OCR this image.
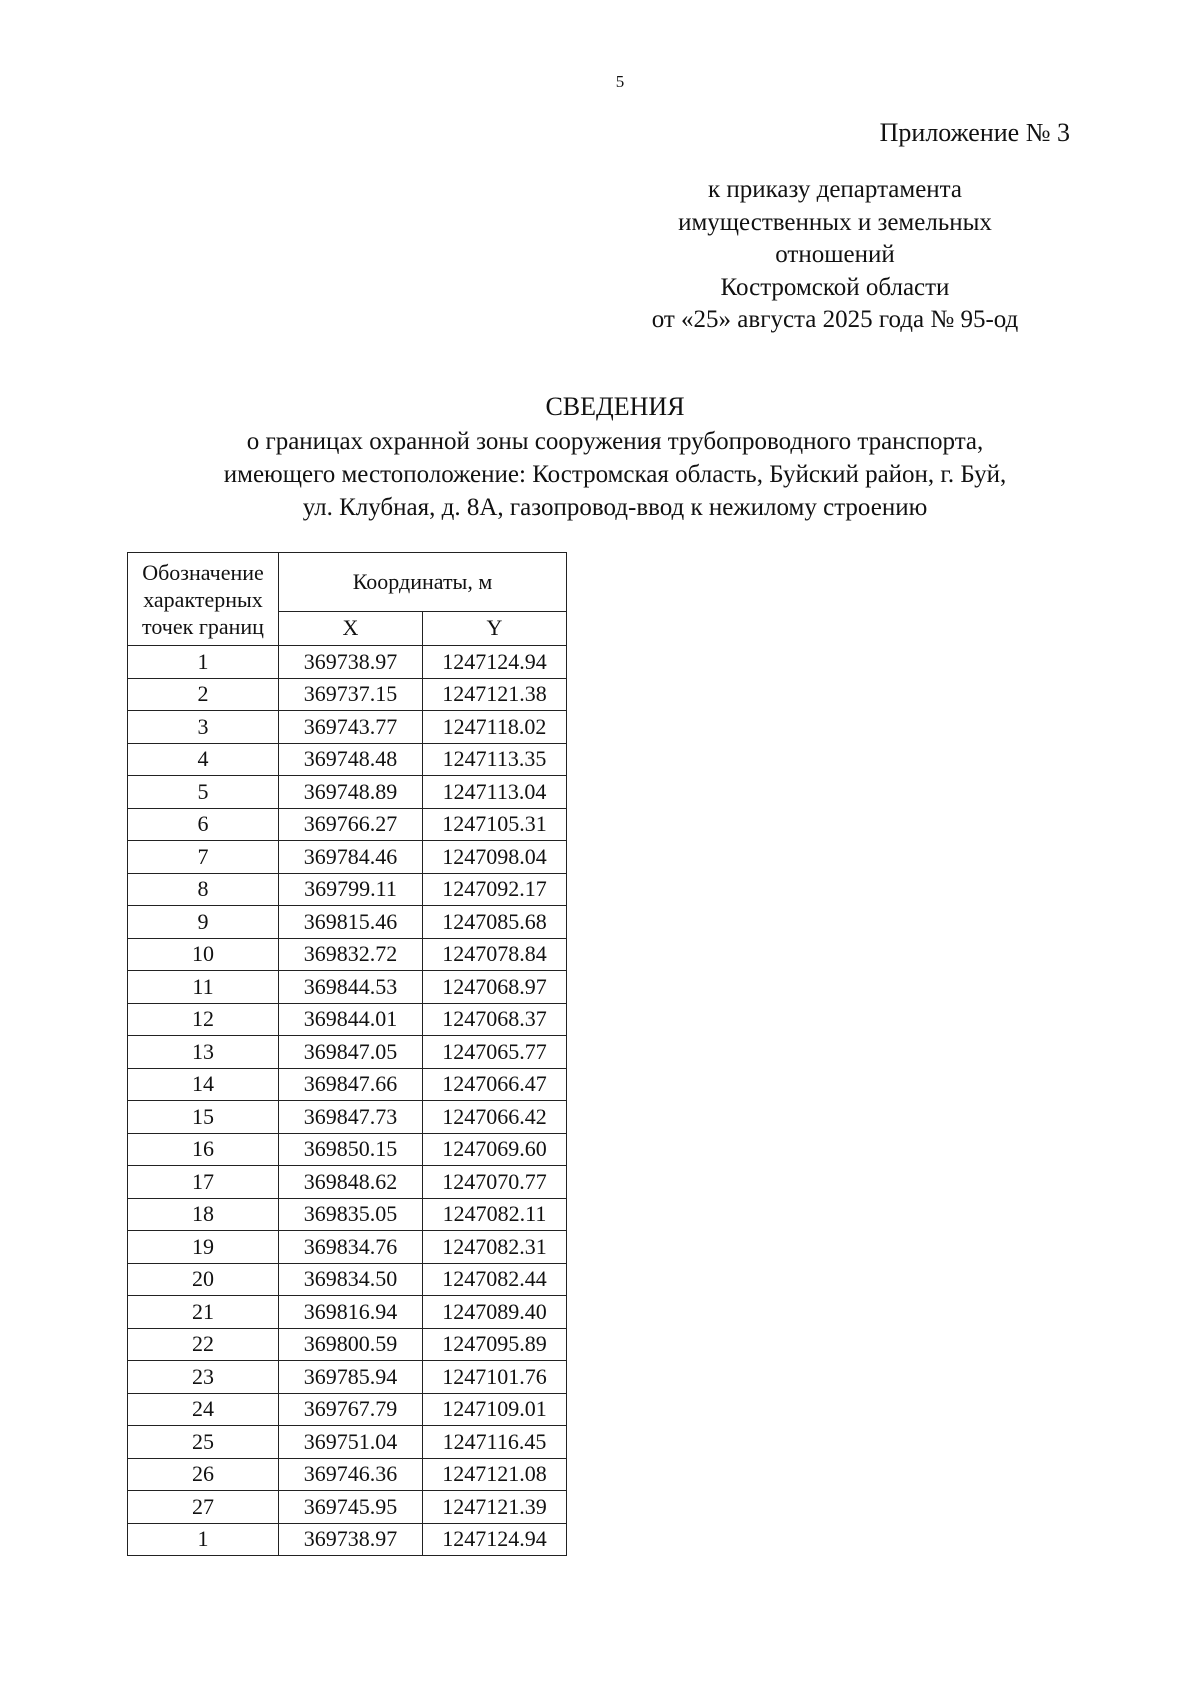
5
Приложение № 3
к приказу департамента
имущественных и земельных
отношений
Костромской области
от «25» августа 2025 года № 95-од
СВЕДЕНИЯ
о границах охранной зоны сооружения трубопроводного транспорта,
имеющего местоположение: Костромская область, Буйский район, г. Буй,
ул. Клубная, д. 8А, газопровод-ввод к нежилому строению
Обозначение
характерных
точек границ	Координаты, м	
	X	Y
1	369738.97	1247124.94
2	369737.15	1247121.38
3	369743.77	1247118.02
4	369748.48	1247113.35
5	369748.89	1247113.04
6	369766.27	1247105.31
7	369784.46	1247098.04
8	369799.11	1247092.17
9	369815.46	1247085.68
10	369832.72	1247078.84
11	369844.53	1247068.97
12	369844.01	1247068.37
13	369847.05	1247065.77
14	369847.66	1247066.47
15	369847.73	1247066.42
16	369850.15	1247069.60
17	369848.62	1247070.77
18	369835.05	1247082.11
19	369834.76	1247082.31
20	369834.50	1247082.44
21	369816.94	1247089.40
22	369800.59	1247095.89
23	369785.94	1247101.76
24	369767.79	1247109.01
25	369751.04	1247116.45
26	369746.36	1247121.08
27	369745.95	1247121.39
1	369738.97	1247124.94
